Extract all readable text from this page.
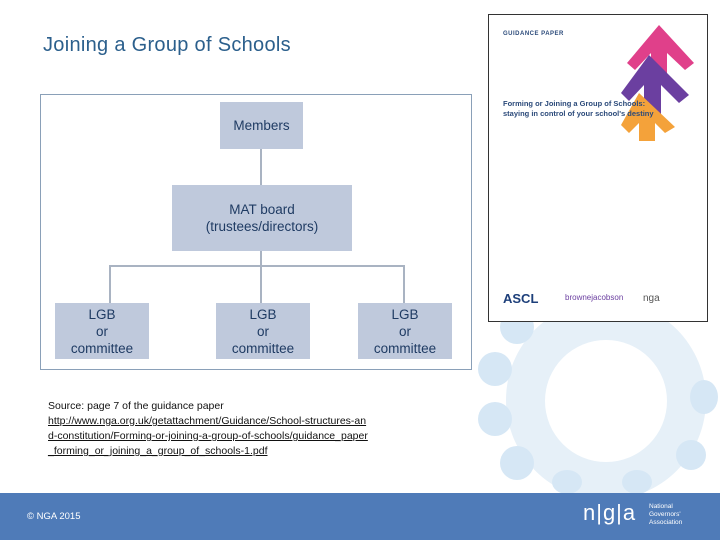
Joining a Group of Schools
Members
MAT board
(trustees/directors)
LGB
or
committee
LGB
or
committee
LGB
or
committee
Source: page 7 of the guidance paper
http://www.nga.org.uk/getattachment/Guidance/School-structures-and-constitution/Forming-or-joining-a-group-of-schools/guidance_paper_forming_or_joining_a_group_of_schools-1.pdf
GUIDANCE PAPER
Forming or Joining a Group of Schools: staying in control of your school's destiny
ASCL	brownejacobson nga
© NGA 2015	n|g|a National
Governors'
Association
